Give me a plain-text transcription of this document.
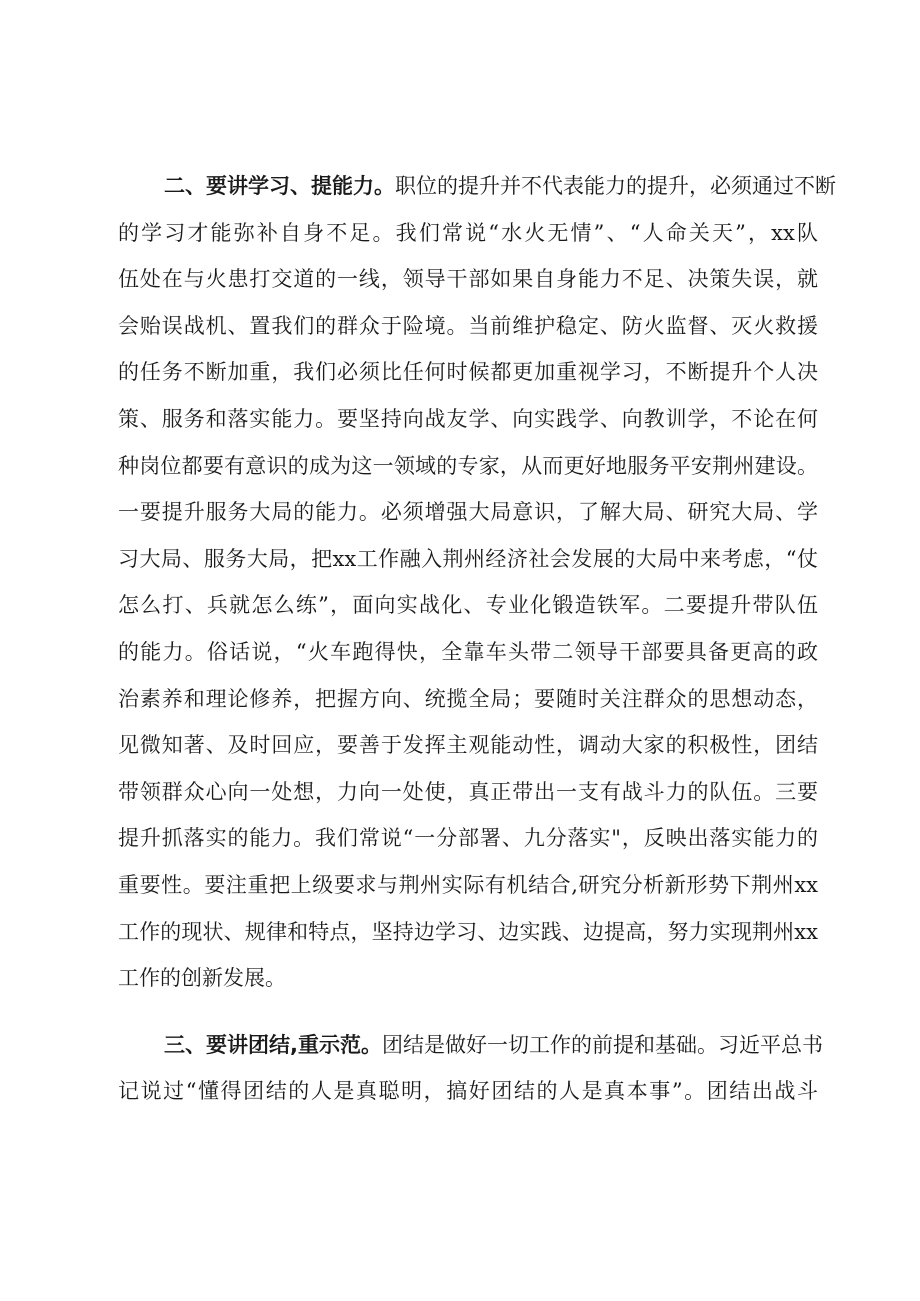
二、要讲学习、提能力。职位的提升并不代表能力的提升，必须通过不断
的学习才能弥补自身不足。我们常说“水火无情”、“人命关天”，xx队
伍处在与火患打交道的一线，领导干部如果自身能力不足、决策失误，就
会贻误战机、置我们的群众于险境。当前维护稳定、防火监督、灭火救援
的任务不断加重，我们必须比任何时候都更加重视学习，不断提升个人决
策、服务和落实能力。要坚持向战友学、向实践学、向教训学，不论在何
种岗位都要有意识的成为这一领域的专家，从而更好地服务平安荆州建设。
一要提升服务大局的能力。必须增强大局意识，了解大局、研究大局、学
习大局、服务大局，把xx工作融入荆州经济社会发展的大局中来考虑，“仗
怎么打、兵就怎么练”，面向实战化、专业化锻造铁军。二要提升带队伍
的能力。俗话说，“火车跑得快，全靠车头带二领导干部要具备更高的政
治素养和理论修养，把握方向、统揽全局；要随时关注群众的思想动态，
见微知著、及时回应，要善于发挥主观能动性，调动大家的积极性，团结
带领群众心向一处想，力向一处使，真正带出一支有战斗力的队伍。三要
提升抓落实的能力。我们常说“一分部署、九分落实"，反映出落实能力的
重要性。要注重把上级要求与荆州实际有机结合,研究分析新形势下荆州xx
工作的现状、规律和特点，坚持边学习、边实践、边提高，努力实现荆州xx
工作的创新发展。
三、要讲团结,重示范。团结是做好一切工作的前提和基础。习近平总书
记说过“懂得团结的人是真聪明，搞好团结的人是真本事”。团结出战斗
